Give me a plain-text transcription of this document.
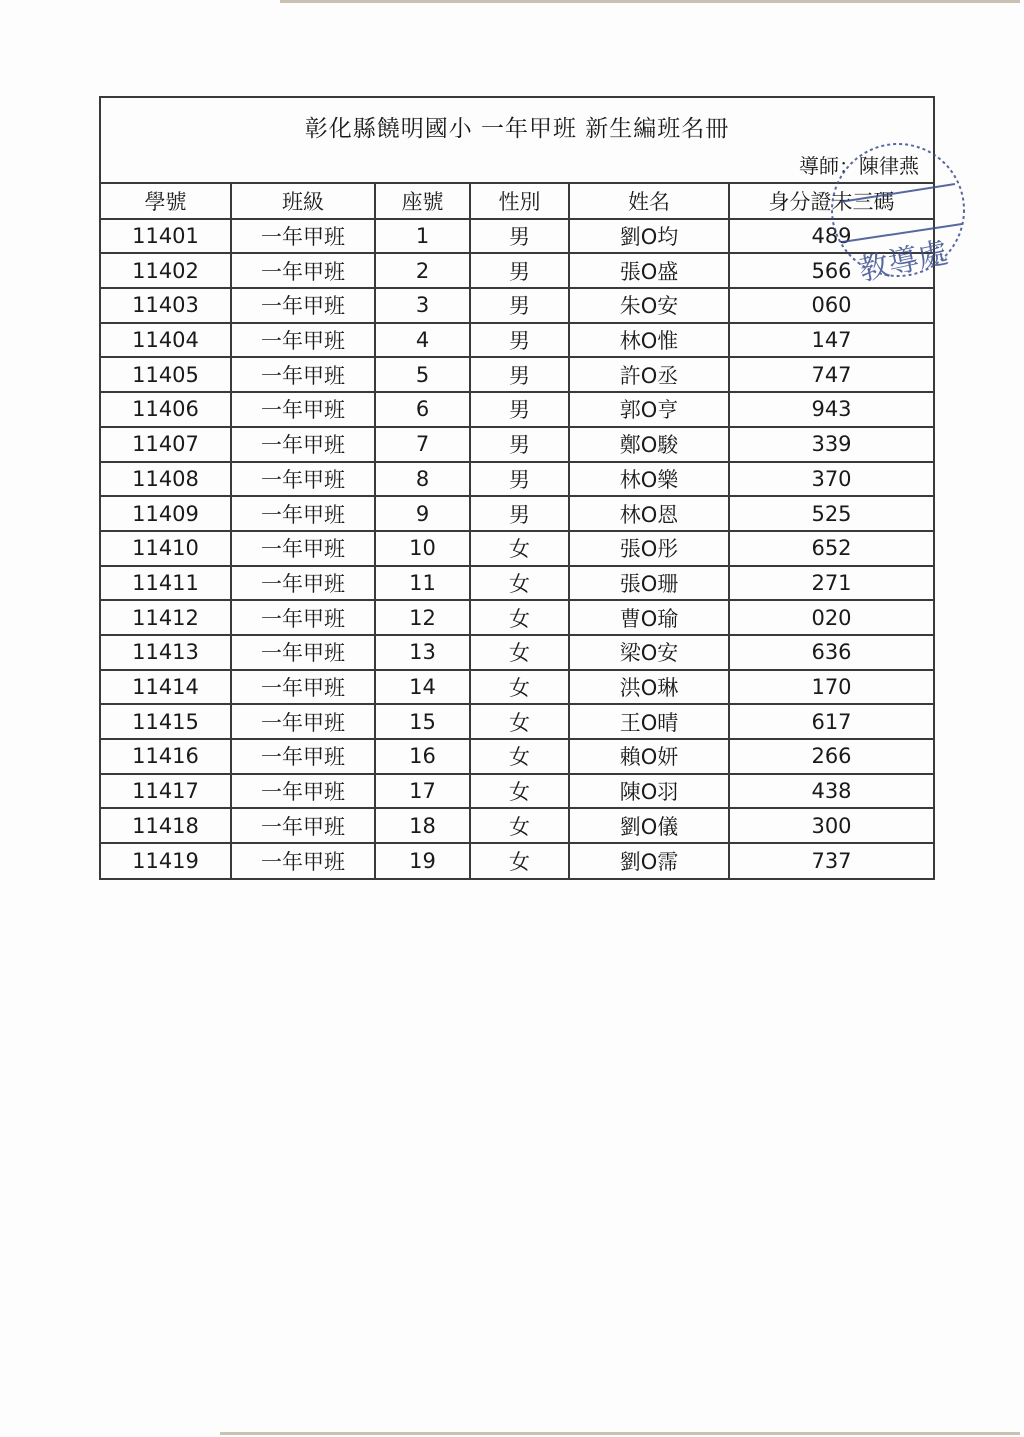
彰化縣饒明國小 一年甲班 新生編班名冊
導師：陳律燕
學號	班級	座號	性別	姓名	身分證末三碼
11401	一年甲班	1	男	劉O均	489
11402	一年甲班	2	男	張O盛	566
11403	一年甲班	3	男	朱O安	060
11404	一年甲班	4	男	林O惟	147
11405	一年甲班	5	男	許O丞	747
11406	一年甲班	6	男	郭O亨	943
11407	一年甲班	7	男	鄭O駿	339
11408	一年甲班	8	男	林O樂	370
11409	一年甲班	9	男	林O恩	525
11410	一年甲班	10	女	張O彤	652
11411	一年甲班	11	女	張O珊	271
11412	一年甲班	12	女	曹O瑜	020
11413	一年甲班	13	女	梁O安	636
11414	一年甲班	14	女	洪O琳	170
11415	一年甲班	15	女	王O晴	617
11416	一年甲班	16	女	賴O妍	266
11417	一年甲班	17	女	陳O羽	438
11418	一年甲班	18	女	劉O儀	300
11419	一年甲班	19	女	劉O霈	737
教導處
